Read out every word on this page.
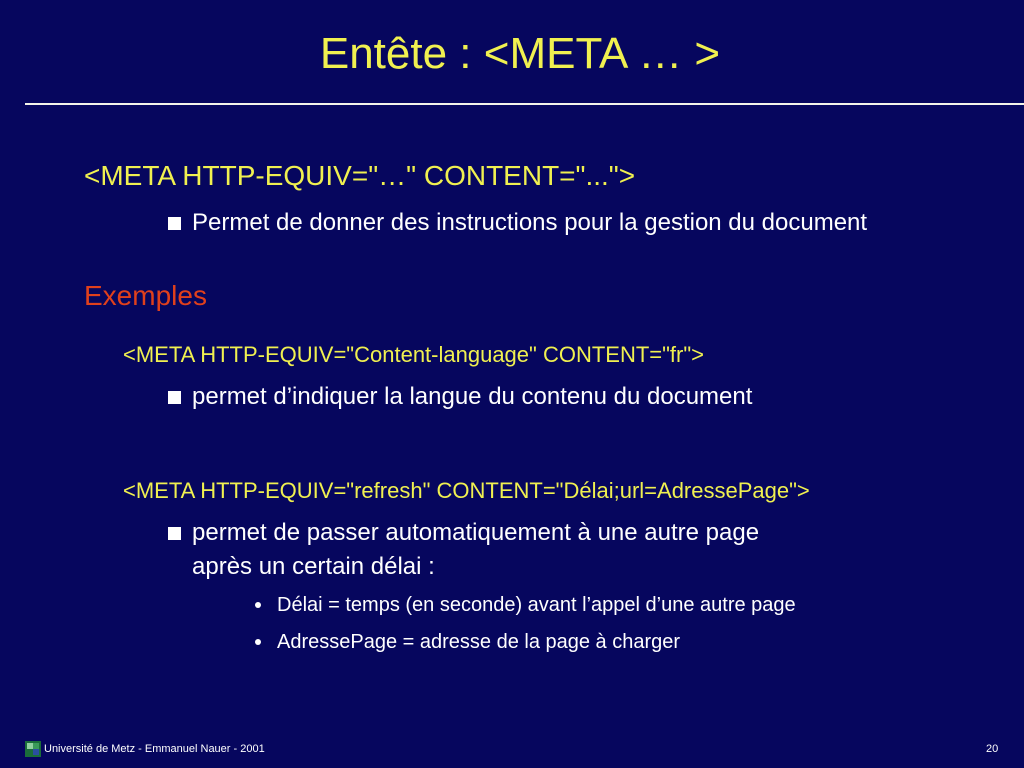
Entête : <META … >
<META HTTP-EQUIV="…" CONTENT="...">
Permet de donner des instructions pour la gestion du document
Exemples
<META HTTP-EQUIV="Content-language" CONTENT="fr">
permet d’indiquer la langue du contenu du document
<META HTTP-EQUIV="refresh" CONTENT="Délai;url=AdressePage">
permet de passer automatiquement à une autre page
après un certain délai :
Délai = temps (en seconde) avant l’appel d’une autre page
AdressePage = adresse de la page à charger
Université de Metz - Emmanuel Nauer - 2001	20
